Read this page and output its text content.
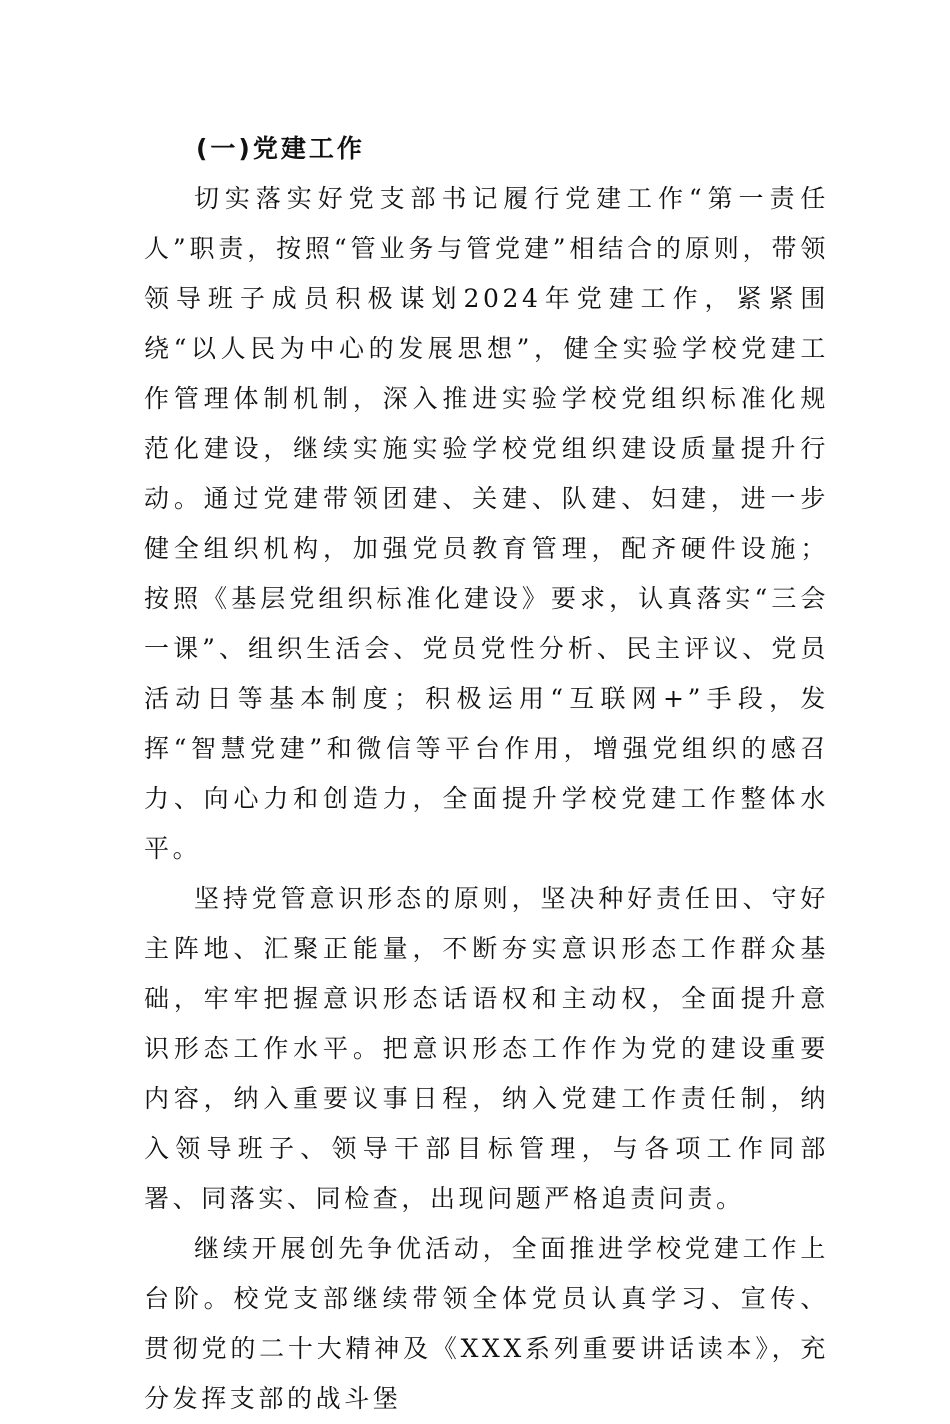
(一)党建工作

切实落实好党支部书记履行党建工作“第一责任人”职责，按照“管业务与管党建”相结合的原则，带领领导班子成员积极谋划2024年党建工作，紧紧围绕“以人民为中心的发展思想”，健全实验学校党建工作管理体制机制，深入推进实验学校党组织标准化规范化建设，继续实施实验学校党组织建设质量提升行动。通过党建带领团建、关建、队建、妇建，进一步健全组织机构，加强党员教育管理，配齐硬件设施；按照《基层党组织标准化建设》要求，认真落实“三会一课”、组织生活会、党员党性分析、民主评议、党员活动日等基本制度；积极运用“互联网+”手段，发挥“智慧党建”和微信等平台作用，增强党组织的感召力、向心力和创造力，全面提升学校党建工作整体水平。

坚持党管意识形态的原则，坚决种好责任田、守好主阵地、汇聚正能量，不断夯实意识形态工作群众基础，牢牢把握意识形态话语权和主动权，全面提升意识形态工作水平。把意识形态工作作为党的建设重要内容，纳入重要议事日程，纳入党建工作责任制，纳入领导班子、领导干部目标管理，与各项工作同部署、同落实、同检查，出现问题严格追责问责。

继续开展创先争优活动，全面推进学校党建工作上台阶。校党支部继续带领全体党员认真学习、宣传、贯彻党的二十大精神及《XXX系列重要讲话读本》，充分发挥支部的战斗堡
